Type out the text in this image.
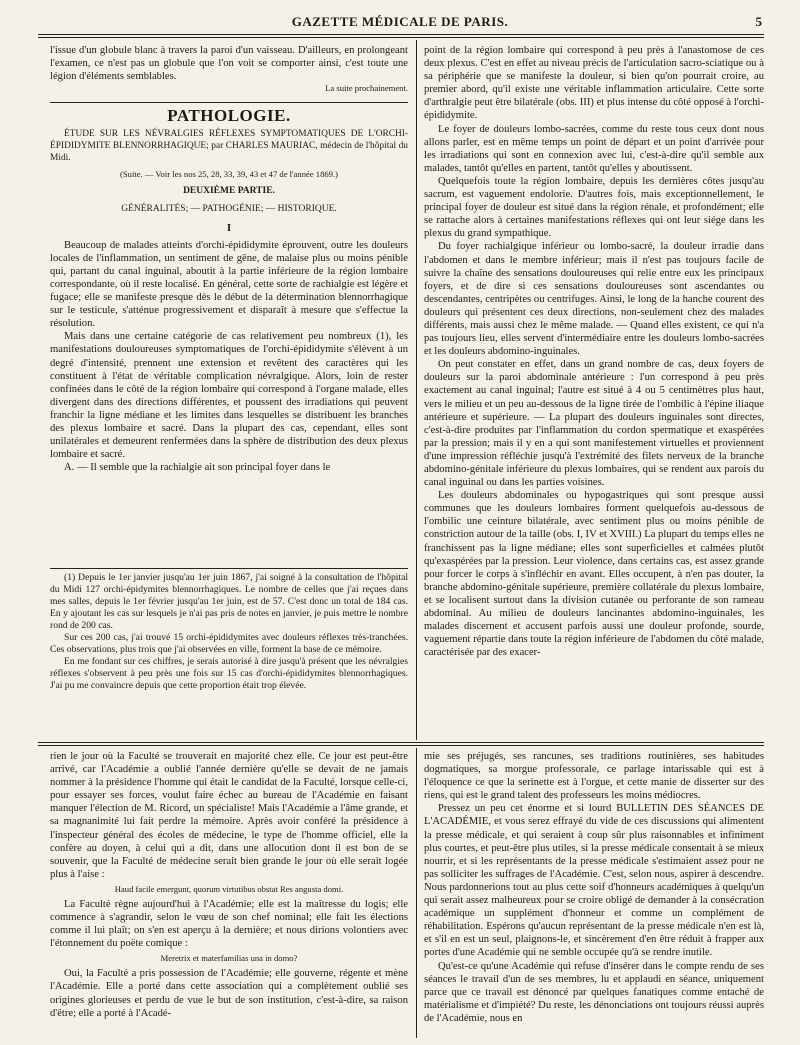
GAZETTE MÉDICALE DE PARIS.	5

l'issue d'un globule blanc à travers la paroi d'un vaisseau. D'ailleurs, en prolongeant l'examen, ce n'est pas un globule que l'on voit se comporter ainsi, c'est toute une légion d'éléments semblables.

La suite prochainement.

PATHOLOGIE.

ÉTUDE SUR LES NÉVRALGIES RÉFLEXES SYMPTOMATIQUES DE L'ORCHI-ÉPIDIDYMITE BLENNORRHAGIQUE; par CHARLES MAURIAC, médecin de l'hôpital du Midi.

(Suite. — Voir les nos 25, 28, 33, 39, 43 et 47 de l'année 1869.)

DEUXIÈME PARTIE.
GÉNÉRALITÉS; — PATHOGÉNIE; — HISTORIQUE.
I

Beaucoup de malades atteints d'orchi-épididymite éprouvent, outre les douleurs locales de l'inflammation, un sentiment de gêne, de malaise plus ou moins pénible qui, partant du canal inguinal, aboutit à la partie inférieure de la région lombaire correspondante, où il reste localisé. En général, cette sorte de rachialgie est légère et fugace; elle se manifeste presque dès le début de la détermination blennorrhagique sur le testicule, s'atténue progressivement et disparaît à mesure que s'effectue la résolution.

Mais dans une certaine catégorie de cas relativement peu nombreux (1), les manifestations douloureuses symptomatiques de l'orchi-épididymite s'élèvent à un degré d'intensité, prennent une extension et revêtent des caractères qui les constituent à l'état de véritable complication névralgique. Alors, loin de rester confinées dans le côté de la région lombaire qui correspond à l'organe malade, elles divergent dans des directions différentes, et poussent des irradiations qui peuvent franchir la ligne médiane et les limites dans lesquelles se distribuent les branches des plexus lombaire et sacré. Dans la plupart des cas, cependant, elles sont unilatérales et demeurent renfermées dans la sphère de distribution des deux plexus lombaire et sacré.

A. — Il semble que la rachialgie ait son principal foyer dans le

(1) Depuis le 1er janvier jusqu'au 1er juin 1867, j'ai soigné à la consultation de l'hôpital du Midi 127 orchi-épidymites blennorrhagiques. Le nombre de celles que j'ai reçues dans mes salles, depuis le 1er février jusqu'au 1er juin, est de 57. C'est donc un total de 184 cas. En y ajoutant les cas sur lesquels je n'ai pas pris de notes en janvier, je puis mettre le nombre rond de 200 cas.

Sur ces 200 cas, j'ai trouvé 15 orchi-épididymites avec douleurs réflexes très-tranchées. Ces observations, plus trois que j'ai observées en ville, forment la base de ce mémoire.

En me fondant sur ces chiffres, je serais autorisé à dire jusqu'à présent que les névralgies réflexes s'observent à peu près une fois sur 15 cas d'orchi-épididymites blennorrhagiques. J'ai pu me convaincre depuis que cette proportion était trop élevée.

point de la région lombaire qui correspond à peu près à l'anastomose de ces deux plexus. C'est en effet au niveau précis de l'articulation sacro-sciatique ou à sa périphérie que se manifeste la douleur, si bien qu'on pourrait croire, au premier abord, qu'il existe une véritable inflammation articulaire. Cette sorte d'arthralgie peut être bilatérale (obs. III) et plus intense du côté opposé à l'orchi-épididymite.

Le foyer de douleurs lombo-sacrées, comme du reste tous ceux dont nous allons parler, est en même temps un point de départ et un point d'arrivée pour les irradiations qui sont en connexion avec lui, c'est-à-dire qu'il semble aux malades, tantôt qu'elles en partent, tantôt qu'elles y aboutissent.

Quelquefois toute la région lombaire, depuis les dernières côtes jusqu'au sacrum, est vaguement endolorie. D'autres fois, mais exceptionnellement, le principal foyer de douleur est situé dans la région rénale, et profondément; elle se rattache alors à certaines manifestations réflexes qui ont leur siége dans les plexus du grand sympathique.

Du foyer rachialgique inférieur ou lombo-sacré, la douleur irradie dans l'abdomen et dans le membre inférieur; mais il n'est pas toujours facile de suivre la chaîne des sensations douloureuses qui relie entre eux les principaux foyers, et de dire si ces sensations douloureuses sont ascendantes ou descendantes, centripètes ou centrifuges. Ainsi, le long de la hanche courent des douleurs qui présentent ces deux directions, non-seulement chez des malades différents, mais aussi chez le même malade. — Quand elles existent, ce qui n'a pas toujours lieu, elles servent d'intermédiaire entre les douleurs lombo-sacrées et les douleurs abdomino-inguinales.

On peut constater en effet, dans un grand nombre de cas, deux foyers de douleurs sur la paroi abdominale antérieure : l'un correspond à peu près exactement au canal inguinal; l'autre est situé à 4 ou 5 centimètres plus haut, vers le milieu et un peu au-dessous de la ligne tirée de l'ombilic à l'épine iliaque antérieure et supérieure. — La plupart des douleurs inguinales sont directes, c'est-à-dire produites par l'inflammation du cordon spermatique et exaspérées par la pression; mais il y en a qui sont manifestement virtuelles et proviennent d'une impression réfléchie jusqu'à l'extrémité des filets nerveux de la branche abdomino-génitale inférieure du plexus lombaires, qui se rendent aux parois du canal inguinal ou dans les parties voisines.

Les douleurs abdominales ou hypogastriques qui sont presque aussi communes que les douleurs lombaires forment quelquefois au-dessous de l'ombilic une ceinture bilatérale, avec sentiment plus ou moins pénible de constriction autour de la taille (obs. I, IV et XVIII.) La plupart du temps elles ne franchissent pas la ligne médiane; elles sont superficielles et calmées plutôt qu'exaspérées par la pression. Leur violence, dans certains cas, est assez grande pour forcer le corps à s'infléchir en avant. Elles occupent, à n'en pas douter, la branche abdomino-génitale supérieure, première collatérale du plexus lombaire, et se localisent surtout dans la division cutanée ou perforante de son rameau abdominal. Au milieu de douleurs lancinantes abdomino-inguinales, les malades discernent et accusent parfois aussi une douleur profonde, sourde, vaguement répartie dans toute la région inférieure de l'abdomen du côté malade, caractérisée par des exacer-

rien le jour où la Faculté se trouverait en majorité chez elle. Ce jour est peut-être arrivé, car l'Académie a oublié l'année dernière qu'elle se devait de ne jamais nommer à la présidence l'homme qui était le candidat de la Faculté, lorsque celle-ci, pour essayer ses forces, voulut faire échec au bureau de l'Académie en faisant manquer l'élection de M. Ricord, un spécialiste! Mais l'Académie a l'âme grande, et sa magnanimité lui fait perdre la mémoire. Après avoir conféré la présidence à l'inspecteur général des écoles de médecine, le type de l'homme officiel, elle la confère au doyen, à celui qui a dit, dans une allocution dont il est bon de se souvenir, que la Faculté de médecine serait bien grande le jour où elle serait logée plus à l'aise :

Haud facile emergunt, quorum virtutibus obstat Res angusta domi.

La Faculté règne aujourd'hui à l'Académie; elle est la maîtresse du logis; elle commence à s'agrandir, selon le vœu de son chef nominal; elle fait les élections comme il lui plaît; on s'en est aperçu à la dernière; et nous dirions volontiers avec l'étonnement du poëte comique :

Meretrix et materfamilias una in domo?

Oui, la Faculté a pris possession de l'Académie; elle gouverne, régente et mène l'Académie. Elle a porté dans cette association qui a complètement oublié ses origines glorieuses et perdu de vue le but de son institution, c'est-à-dire, sa raison d'être; elle a porté à l'Acadé-

mie ses préjugés, ses rancunes, ses traditions routinières, ses habitudes dogmatiques, sa morgue professorale, ce parlage intarissable qui est à l'éloquence ce que la serinette est à l'orgue, et cette manie de disserter sur des riens, qui est le grand talent des professeurs les moins médiocres.

Pressez un peu cet énorme et si lourd BULLETIN DES SÉANCES DE L'ACADÉMIE, et vous serez effrayé du vide de ces discussions qui alimentent la presse médicale, et qui seraient à coup sûr plus raisonnables et infiniment plus courtes, et peut-être plus utiles, si la presse médicale consentait à se mieux nourrir, et si les représentants de la presse médicale s'estimaient assez pour ne pas solliciter les suffrages de l'Académie. C'est, selon nous, aspirer à descendre. Nous pardonnerions tout au plus cette soif d'honneurs académiques à quelqu'un qui serait assez malheureux pour se croire obligé de demander à la consécration académique un supplément d'honneur et comme un complément de réhabilitation. Espérons qu'aucun représentant de la presse médicale n'en est là, et s'il en est un seul, plaignons-le, et sincèrement d'en être réduit à frapper aux portes d'une Académie qui ne semble occupée qu'à se rendre inutile.

Qu'est-ce qu'une Académie qui refuse d'insérer dans le compte rendu de ses séances le travail d'un de ses membres, lu et applaudi en séance, uniquement parce que ce travail est dénoncé par quelques fanatiques comme entaché de matérialisme et d'impiété? Du reste, les dénonciations ont toujours réussi auprès de l'Académie, nous en
